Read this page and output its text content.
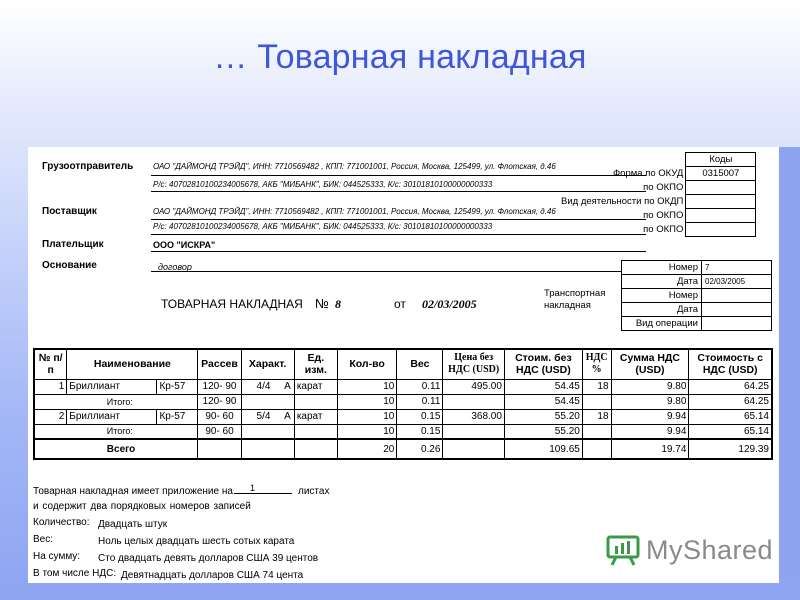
… Товарная накладная
Грузоотправитель ОАО "ДАЙМОНД ТРЭЙД", ИНН: 7710569482 , КПП: 771001001, Россия, Москва, 125499, ул. Флотская, д.46
Р/с: 40702810100234005678, АКБ "МИБАНК", БИК: 044525333, К/с: 30101810100000000333
Поставщик	ОАО "ДАЙМОНД ТРЭЙД", ИНН: 7710569482 , КПП: 771001001, Россия, Москва, 125499, ул. Флотская, д.46
Р/с: 40702810100234005678, АКБ "МИБАНК", БИК: 044525333, К/с: 30101810100000000333
Плательщик	ООО "ИСКРА"
Основание	договор
	Коды
Форма по ОКУД	0315007
по ОКПО	
Вид деятельности по ОКДП	
по ОКПО	
по ОКПО	
Номер	7
Дата	02/03/2005
Номер	
Дата	
Вид операции	
Транспортная накладная
ТОВАРНАЯ НАКЛАДНАЯ № 8	от 02/03/2005
№ п/п	Наименование		Рассев	Характ.	Ед. изм.	Кол-во	Вес	Цена без НДС (USD)	Стоим. без НДС (USD)	НДС %	Сумма НДС (USD)	Стоимость с НДС (USD)
1	Бриллиант	Кр-57	120- 90	4/4 A	карат	10	0.11	495.00	54.45	18	9.80	64.25
	Итого:		120- 90			10	0.11		54.45		9.80	64.25
2	Бриллиант	Кр-57	90- 60	5/4 A	карат	10	0.15	368.00	55.20	18	9.94	65.14
	Итого:		90- 60			10	0.15		55.20		9.94	65.14
	Всего					20	0.26		109.65		19.74	129.39
Товарная накладная имеет приложение на	1	листах
и содержит два порядковых номеров записей
Количество: Двадцать штук
Вес:	Ноль целых двадцать шесть сотых карата
На сумму: Сто двадцать девять долларов США 39 центов
В том числе НДС: Девятнадцать долларов США 74 цента
MyShared
